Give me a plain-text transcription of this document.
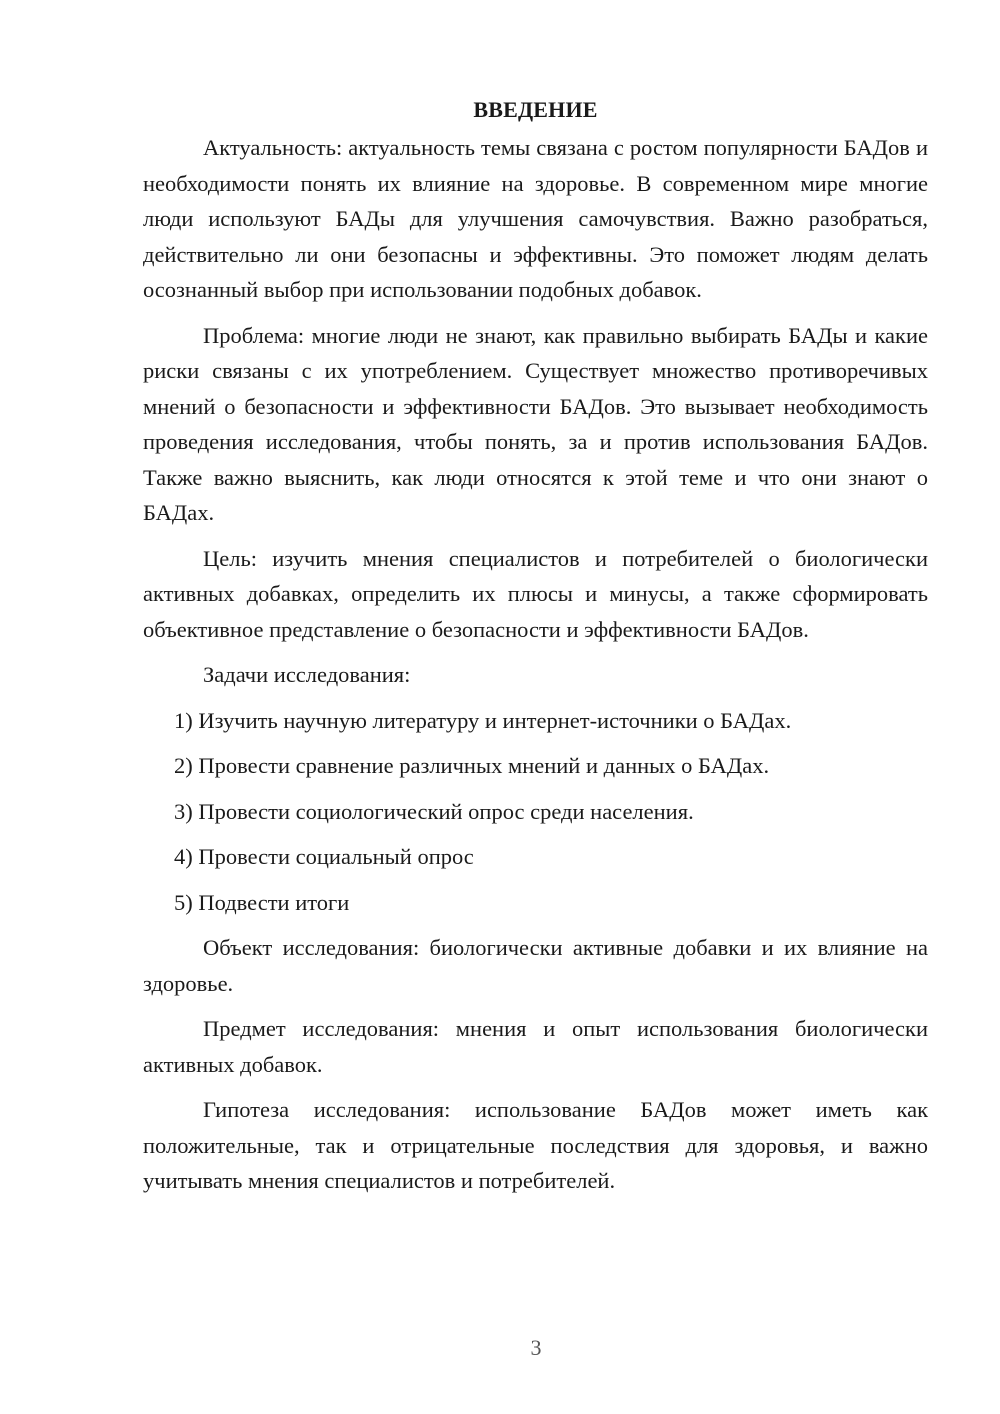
ВВЕДЕНИЕ

Актуальность: актуальность темы связана с ростом популярности БАДов и необходимости понять их влияние на здоровье. В современном мире многие люди используют БАДы для улучшения самочувствия. Важно разобраться, действительно ли они безопасны и эффективны. Это поможет людям делать осознанный выбор при использовании подобных добавок.

Проблема: многие люди не знают, как правильно выбирать БАДы и какие риски связаны с их употреблением. Существует множество противоречивых мнений о безопасности и эффективности БАДов. Это вызывает необходимость проведения исследования, чтобы понять, за и против использования БАДов. Также важно выяснить, как люди относятся к этой теме и что они знают о БАДах.

Цель: изучить мнения специалистов и потребителей о биологически активных добавках, определить их плюсы и минусы, а также сформировать объективное представление о безопасности и эффективности БАДов.

Задачи исследования:

1) Изучить научную литературу и интернет-источники о БАДах.
2) Провести сравнение различных мнений и данных о БАДах.
3) Провести социологический опрос среди населения.
4) Провести социальный опрос
5) Подвести итоги

Объект исследования: биологически активные добавки и их влияние на здоровье.

Предмет исследования: мнения и опыт использования биологически активных добавок.

Гипотеза исследования: использование БАДов может иметь как положительные, так и отрицательные последствия для здоровья, и важно учитывать мнения специалистов и потребителей.

3
